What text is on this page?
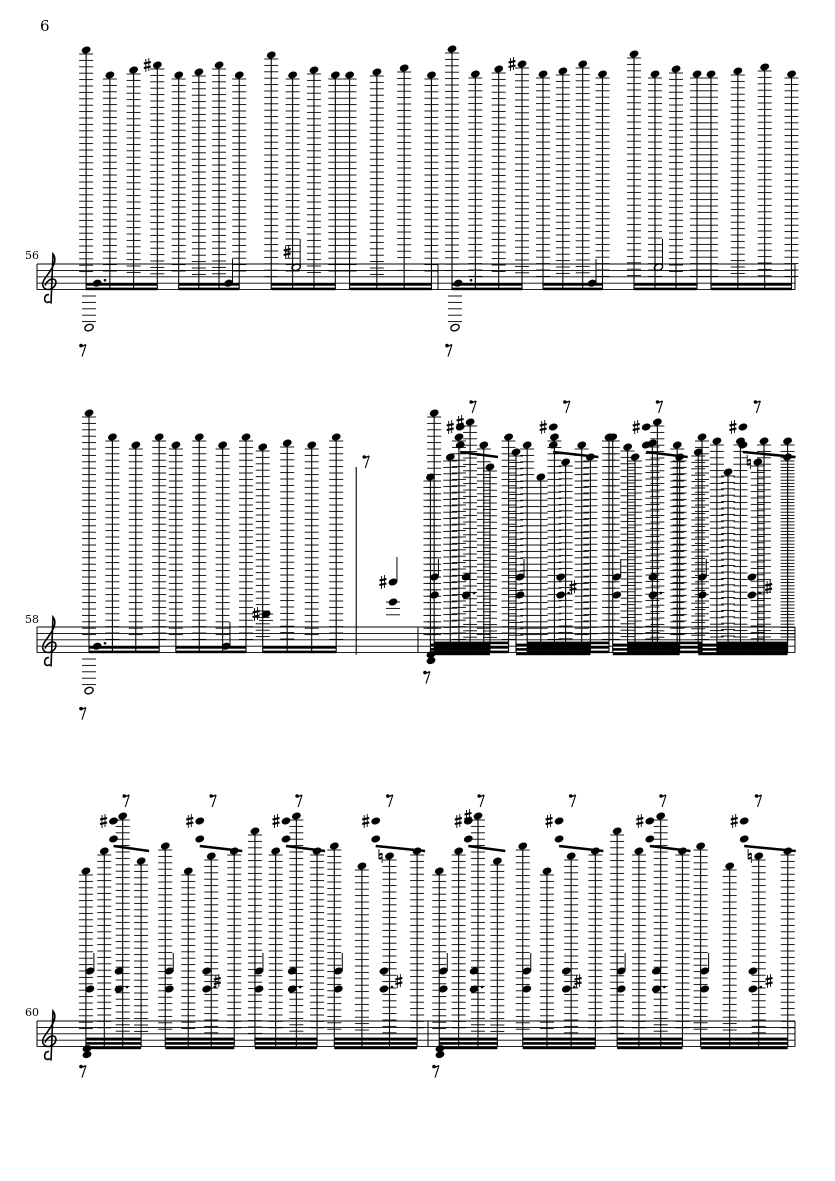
6
56
58
60
